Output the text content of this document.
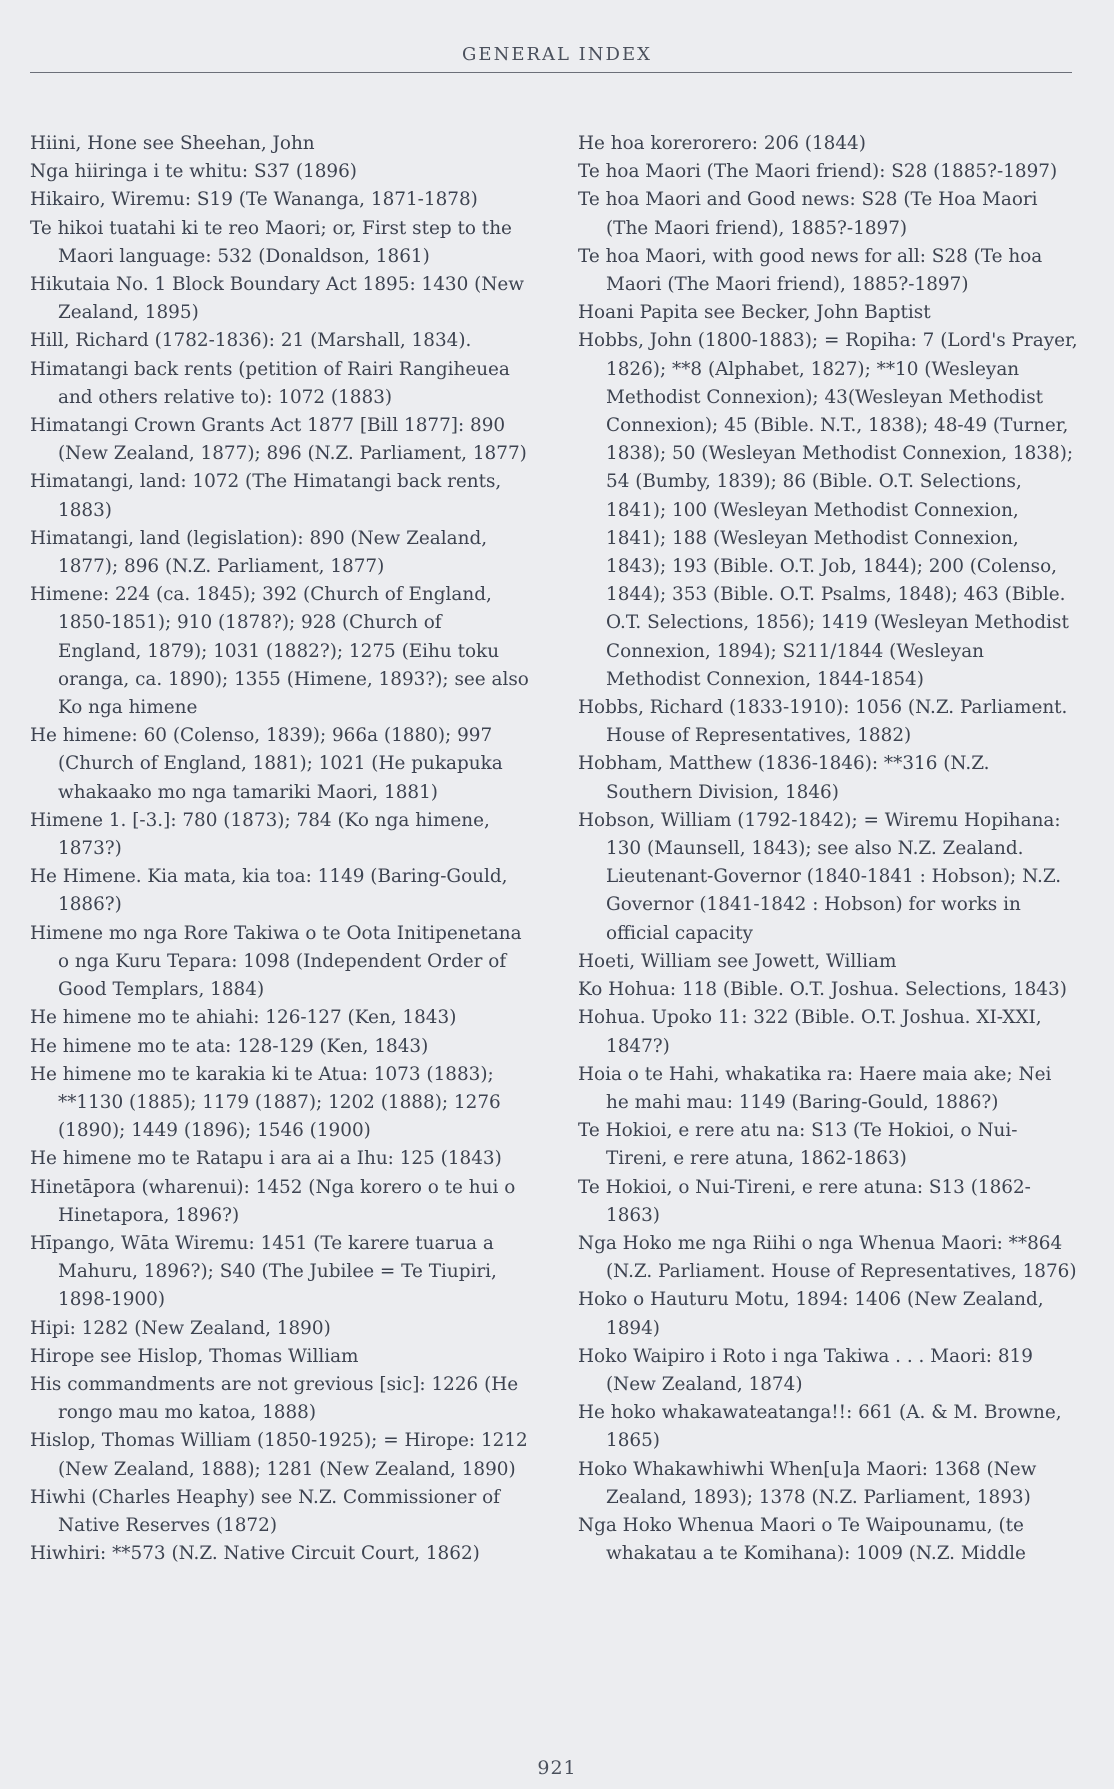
GENERAL INDEX

Hiini, Hone see Sheehan, John

Nga hiiringa i te whitu: S37 (1896)

Hikairo, Wiremu: S19 (Te Wananga, 1871-1878)

Te hikoi tuatahi ki te reo Maori; or, First step to the Maori language: 532 (Donaldson, 1861)

Hikutaia No. 1 Block Boundary Act 1895: 1430 (New Zealand, 1895)

Hill, Richard (1782-1836): 21 (Marshall, 1834).

Himatangi back rents (petition of Rairi Rangiheuea and others relative to): 1072 (1883)

Himatangi Crown Grants Act 1877 [Bill 1877]: 890 (New Zealand, 1877); 896 (N.Z. Parliament, 1877)

Himatangi, land: 1072 (The Himatangi back rents, 1883)

Himatangi, land (legislation): 890 (New Zealand, 1877); 896 (N.Z. Parliament, 1877)

Himene: 224 (ca. 1845); 392 (Church of England, 1850-1851); 910 (1878?); 928 (Church of England, 1879); 1031 (1882?); 1275 (Eihu toku oranga, ca. 1890); 1355 (Himene, 1893?); see also Ko nga himene

He himene: 60 (Colenso, 1839); 966a (1880); 997 (Church of England, 1881); 1021 (He pukapuka whakaako mo nga tamariki Maori, 1881)

Himene 1. [-3.]: 780 (1873); 784 (Ko nga himene, 1873?)

He Himene. Kia mata, kia toa: 1149 (Baring-Gould, 1886?)

Himene mo nga Rore Takiwa o te Oota Initipenetana o nga Kuru Tepara: 1098 (Independent Order of Good Templars, 1884)

He himene mo te ahiahi: 126-127 (Ken, 1843)

He himene mo te ata: 128-129 (Ken, 1843)

He himene mo te karakia ki te Atua: 1073 (1883); **1130 (1885); 1179 (1887); 1202 (1888); 1276 (1890); 1449 (1896); 1546 (1900)

He himene mo te Ratapu i ara ai a Ihu: 125 (1843)

Hinetāpora (wharenui): 1452 (Nga korero o te hui o Hinetapora, 1896?)

Hīpango, Wāta Wiremu: 1451 (Te karere tuarua a Mahuru, 1896?); S40 (The Jubilee = Te Tiupiri, 1898-1900)

Hipi: 1282 (New Zealand, 1890)

Hirope see Hislop, Thomas William

His commandments are not grevious [sic]: 1226 (He rongo mau mo katoa, 1888)

Hislop, Thomas William (1850-1925); = Hirope: 1212 (New Zealand, 1888); 1281 (New Zealand, 1890)

Hiwhi (Charles Heaphy) see N.Z. Commissioner of Native Reserves (1872)

Hiwhiri: **573 (N.Z. Native Circuit Court, 1862)

He hoa korerorero: 206 (1844)

Te hoa Maori (The Maori friend): S28 (1885?-1897)

Te hoa Maori and Good news: S28 (Te Hoa Maori (The Maori friend), 1885?-1897)

Te hoa Maori, with good news for all: S28 (Te hoa Maori (The Maori friend), 1885?-1897)

Hoani Papita see Becker, John Baptist

Hobbs, John (1800-1883); = Ropiha: 7 (Lord's Prayer, 1826); **8 (Alphabet, 1827); **10 (Wesleyan Methodist Connexion); 43(Wesleyan Methodist Connexion); 45 (Bible. N.T., 1838); 48-49 (Turner, 1838); 50 (Wesleyan Methodist Connexion, 1838); 54 (Bumby, 1839); 86 (Bible. O.T. Selections, 1841); 100 (Wesleyan Methodist Connexion, 1841); 188 (Wesleyan Methodist Connexion, 1843); 193 (Bible. O.T. Job, 1844); 200 (Colenso, 1844); 353 (Bible. O.T. Psalms, 1848); 463 (Bible. O.T. Selections, 1856); 1419 (Wesleyan Methodist Connexion, 1894); S211/1844 (Wesleyan Methodist Connexion, 1844-1854)

Hobbs, Richard (1833-1910): 1056 (N.Z. Parliament. House of Representatives, 1882)

Hobham, Matthew (1836-1846): **316 (N.Z. Southern Division, 1846)

Hobson, William (1792-1842); = Wiremu Hopihana: 130 (Maunsell, 1843); see also N.Z. Zealand. Lieutenant-Governor (1840-1841 : Hobson); N.Z. Governor (1841-1842 : Hobson) for works in official capacity

Hoeti, William see Jowett, William

Ko Hohua: 118 (Bible. O.T. Joshua. Selections, 1843)

Hohua. Upoko 11: 322 (Bible. O.T. Joshua. XI-XXI, 1847?)

Hoia o te Hahi, whakatika ra: Haere maia ake; Nei he mahi mau: 1149 (Baring-Gould, 1886?)

Te Hokioi, e rere atu na: S13 (Te Hokioi, o Nui-Tireni, e rere atuna, 1862-1863)

Te Hokioi, o Nui-Tireni, e rere atuna: S13 (1862-1863)

Nga Hoko me nga Riihi o nga Whenua Maori: **864 (N.Z. Parliament. House of Representatives, 1876)

Hoko o Hauturu Motu, 1894: 1406 (New Zealand, 1894)

Hoko Waipiro i Roto i nga Takiwa . . . Maori: 819 (New Zealand, 1874)

He hoko whakawateatanga!!: 661 (A. & M. Browne, 1865)

Hoko Whakawhiwhi When[u]a Maori: 1368 (New Zealand, 1893); 1378 (N.Z. Parliament, 1893)

Nga Hoko Whenua Maori o Te Waipounamu, (te whakatau a te Komihana): 1009 (N.Z. Middle

921
